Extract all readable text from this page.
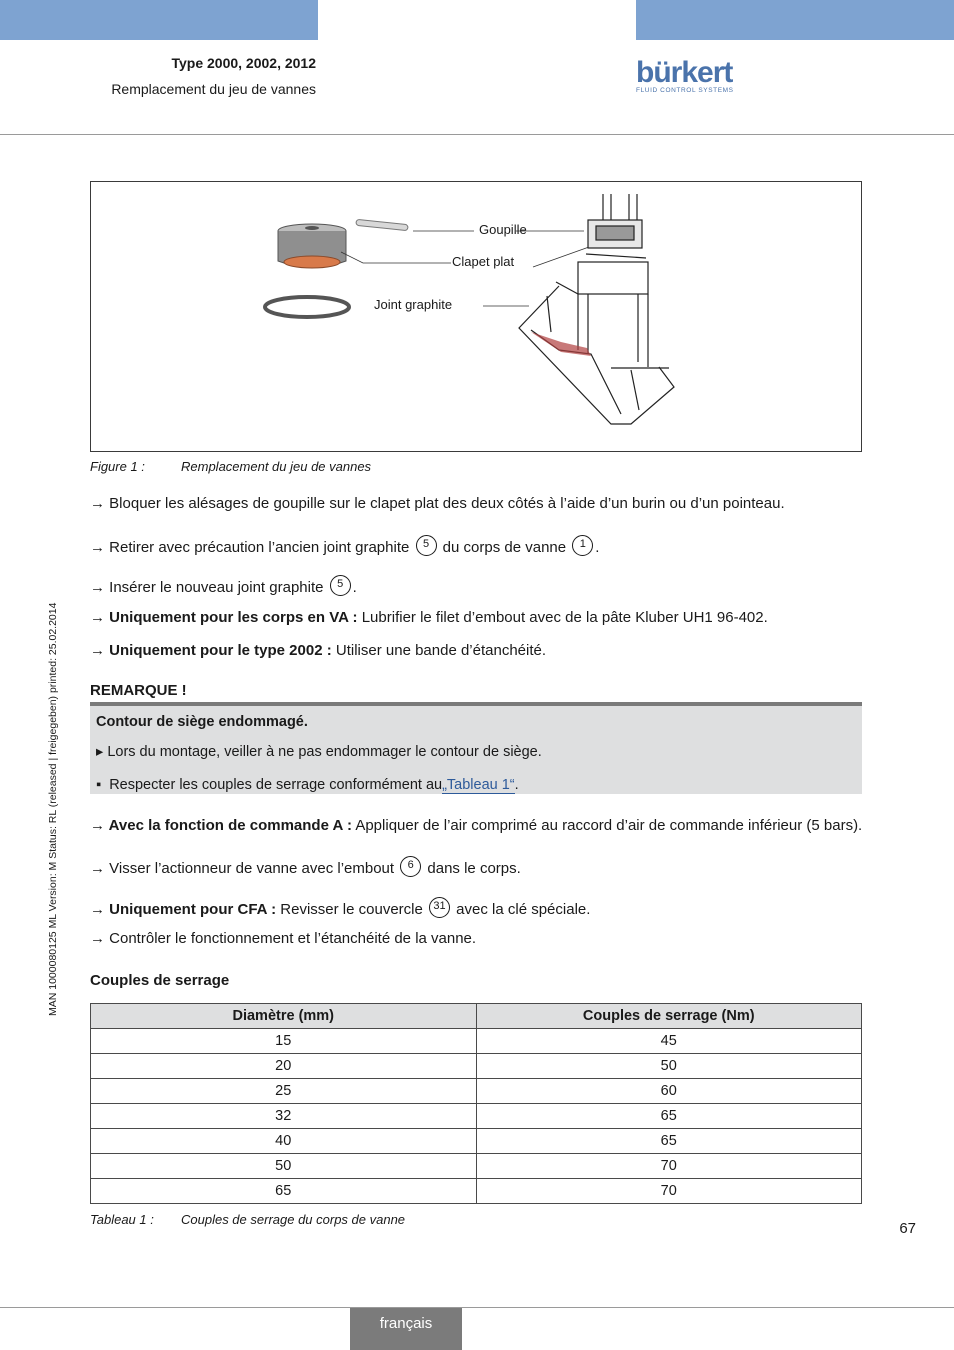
Type 2000, 2002, 2012
Remplacement du jeu de vannes	bürkert
FLUID CONTROL SYSTEMS
Goupille
Clapet plat
Joint graphite
Figure 1 :	Remplacement du jeu de vannes
→ Bloquer les alésages de goupille sur le clapet plat des deux côtés à l’aide d’un burin ou d’un pointeau.
→ Retirer avec précaution l’ancien joint graphite 5 du corps de vanne 1 .
→ Insérer le nouveau joint graphite 5 .
→ Uniquement pour les corps en VA : Lubrifier le filet d’embout avec de la pâte Kluber UH1 96-402.
→ Uniquement pour le type 2002 : Utiliser une bande d’étanchéité.
REMARQUE !
Contour de siège endommagé.
▸ Lors du montage, veiller à ne pas endommager le contour de siège.
▪ Respecter les couples de serrage conformément au„Tableau 1“.
→ Avec la fonction de commande A : Appliquer de l’air comprimé au raccord d’air de commande inférieur (5 bars).
→ Visser l’actionneur de vanne avec l’embout 6 dans le corps.
→ Uniquement pour CFA : Revisser le couvercle 31 avec la clé spéciale.
→ Contrôler le fonctionnement et l’étanchéité de la vanne.
Couples de serrage
Diamètre (mm)	Couples de serrage (Nm)
15	45
20	50
25	60
32	65
40	65
50	70
65	70
Tableau 1 : Couples de serrage du corps de vanne
MAN 1000080125 ML Version: M Status: RL (released | freigegeben) printed: 25.02.2014
67
français
